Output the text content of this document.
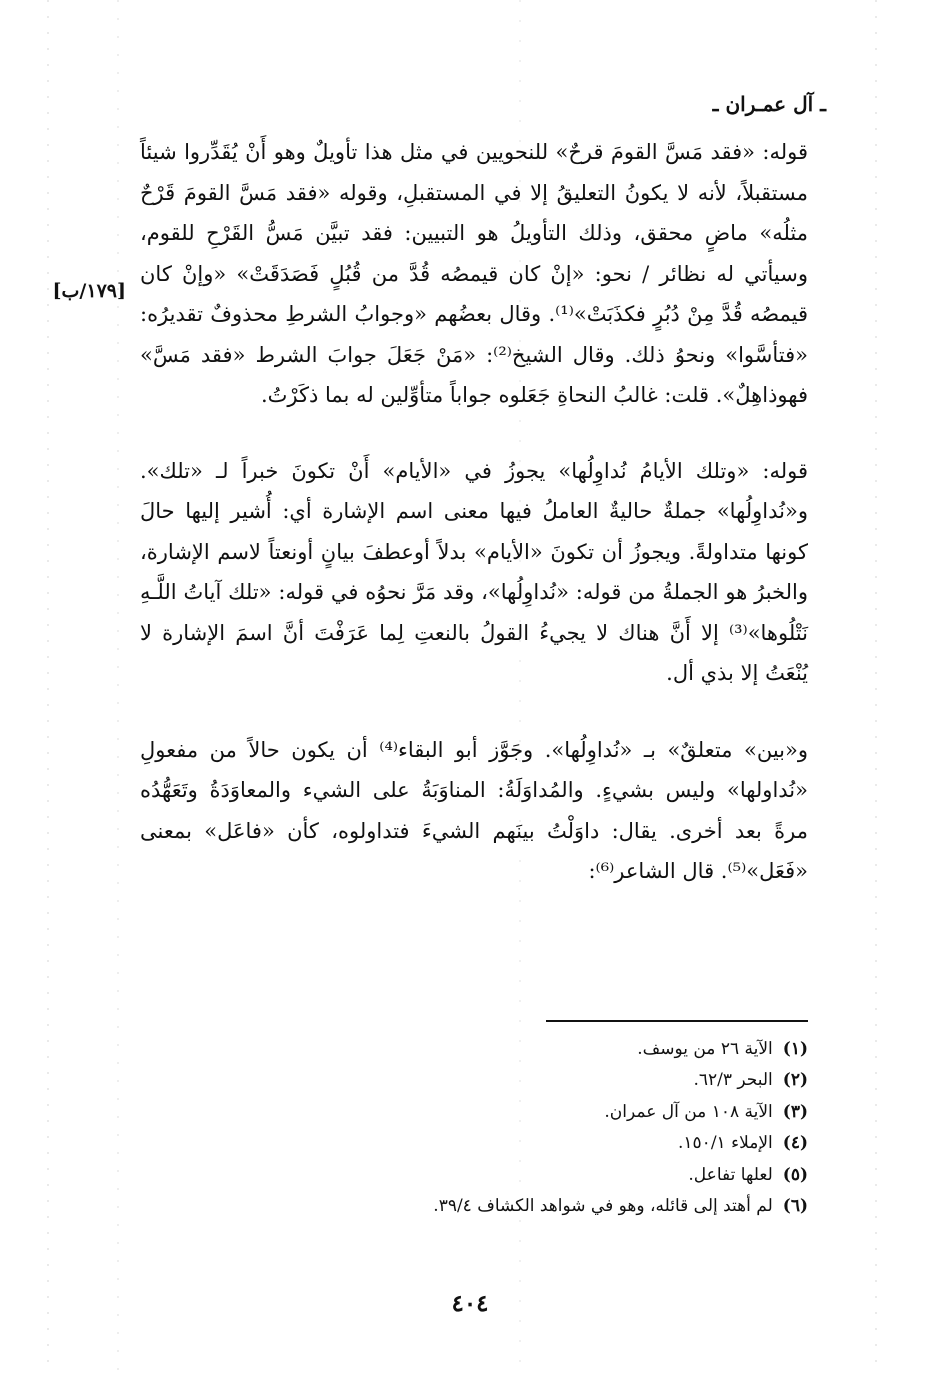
ـ آل عمـران ـ
[١٧٩/ب]

قوله: «فقد مَسَّ القومَ قرحٌ» للنحويين في مثل هذا تأويلٌ وهو أَنْ يُقَدِّروا شيئاً مستقبلاً، لأنه لا يكونُ التعليقُ إلا في المستقبلِ، وقوله «فقد مَسَّ القومَ قَرْحٌ مثلُه» ماضٍ محقق، وذلك التأويلُ هو التبيين: فقد تبيَّن مَسُّ القَرْحِ للقوم، وسيأتي له نظائر / نحو: «إنْ كان قيمصُه قُدَّ من قُبُلٍ فَصَدَقَتْ» «وإنْ كان قيمصُه قُدَّ مِنْ دُبُرٍ فكذَبَتْ»⁽¹⁾. وقال بعضُهم «وجوابُ الشرطِ محذوفٌ تقديرُه: «فتأسَّوا» ونحوُ ذلك. وقال الشيخ⁽²⁾: «مَنْ جَعَلَ جوابَ الشرط «فقد مَسَّ» فهوذاهِلٌ». قلت: غالبُ النحاةِ جَعَلوه جواباً متأوِّلين له بما ذكَرْتُ.

قوله: «وتلك الأيامُ نُداوِلُها» يجوزُ في «الأيام» أَنْ تكونَ خبراً لـ «تلك». و«نُداوِلُها» جملةٌ حاليةٌ العاملُ فيها معنى اسم الإشارة أي: أُشير إليها حالَ كونها متداولةً. ويجوزُ أن تكونَ «الأيام» بدلاً أوعطفَ بيانٍ أونعتاً لاسم الإشارة، والخبرُ هو الجملةُ من قوله: «نُداوِلُها»، وقد مَرَّ نحوُه في قوله: «تلك آياتُ اللَّـهِ نَتْلُوها»⁽³⁾ إلا أَنَّ هناك لا يجيءُ القولُ بالنعتِ لِما عَرَفْتَ أنَّ اسمَ الإشارة لا يُنْعَتُ إلا بذي أل.

و«بين» متعلقٌ» بـ «نُداوِلُها». وجَوَّز أبو البقاء⁽⁴⁾ أن يكون حالاً من مفعولِ «نُداولها» وليس بشيءٍ. والمُداوَلَةُ: المناوَبَةُ على الشيء والمعاوَدَةُ وتَعَهُّدُه مرةً بعد أخرى. يقال: داوَلْتُ بينَهم الشيءَ فتداولوه، كأن «فاعَل» بمعنى «فَعَل»⁽⁵⁾. قال الشاعر⁽⁶⁾:

(١)الآية ٢٦ من يوسف.
(٢)البحر ٦٢/٣.
(٣)الآية ١٠٨ من آل عمران.
(٤)الإملاء ١٥٠/١.
(٥)لعلها تفاعل.
(٦)لم أهتد إلى قائله، وهو في شواهد الكشاف ٣٩/٤.
٤٠٤
